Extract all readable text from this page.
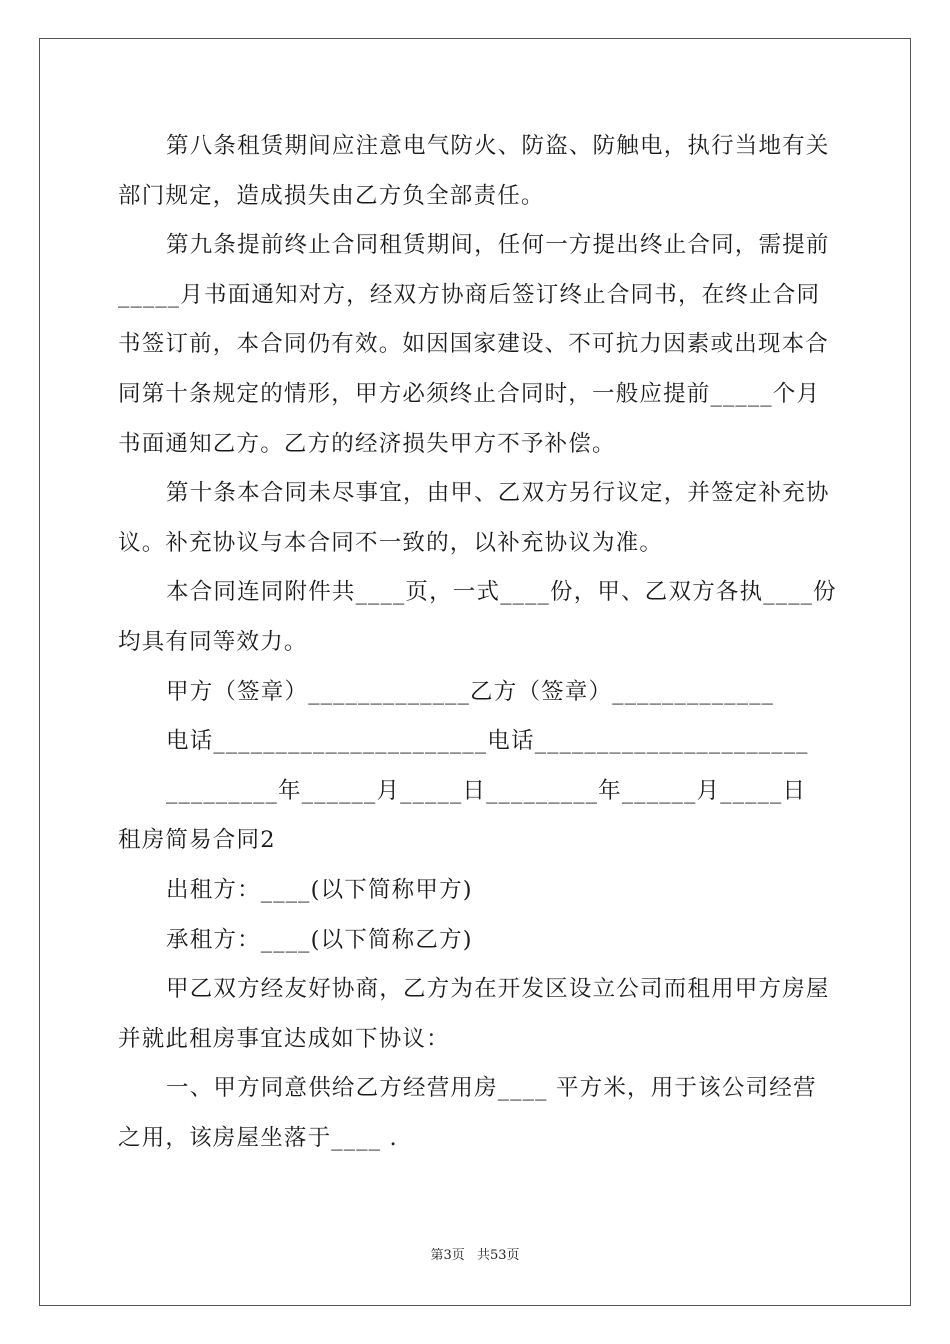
第八条租赁期间应注意电气防火、防盗、防触电，执行当地有关

部门规定，造成损失由乙方负全部责任。

第九条提前终止合同租赁期间，任何一方提出终止合同，需提前

_____月书面通知对方，经双方协商后签订终止合同书，在终止合同

书签订前，本合同仍有效。如因国家建设、不可抗力因素或出现本合

同第十条规定的情形，甲方必须终止合同时，一般应提前_____个月

书面通知乙方。乙方的经济损失甲方不予补偿。

第十条本合同未尽事宜，由甲、乙双方另行议定，并签定补充协

议。补充协议与本合同不一致的，以补充协议为准。

本合同连同附件共____页，一式____份，甲、乙双方各执____份

均具有同等效力。

甲方（签章）_____________乙方（签章）_____________

电话______________________电话______________________

_________年______月_____日_________年______月_____日

租房简易合同2

出租方：____(以下简称甲方)

承租方：____(以下简称乙方)

甲乙双方经友好协商，乙方为在开发区设立公司而租用甲方房屋

并就此租房事宜达成如下协议：

一、甲方同意供给乙方经营用房____ 平方米，用于该公司经营

之用，该房屋坐落于____ .

第3页 共53页
